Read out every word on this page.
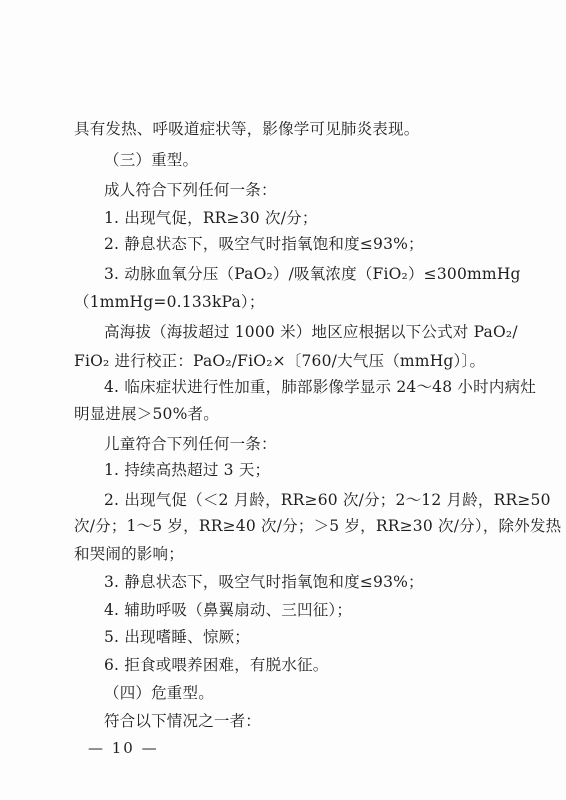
具有发热、呼吸道症状等，影像学可见肺炎表现。
（三）重型。
成人符合下列任何一条：
1. 出现气促，RR≥30 次/分；
2. 静息状态下，吸空气时指氧饱和度≤93%；
3. 动脉血氧分压（PaO₂）/吸氧浓度（FiO₂）≤300mmHg
（1mmHg=0.133kPa）；
高海拔（海拔超过 1000 米）地区应根据以下公式对 PaO₂/
FiO₂ 进行校正：PaO₂/FiO₂×〔760/大气压（mmHg）〕。
4. 临床症状进行性加重，肺部影像学显示 24～48 小时内病灶
明显进展＞50%者。
儿童符合下列任何一条：
1. 持续高热超过 3 天；
2. 出现气促（＜2 月龄，RR≥60 次/分；2～12 月龄，RR≥50
次/分；1～5 岁，RR≥40 次/分；＞5 岁，RR≥30 次/分），除外发热
和哭闹的影响；
3. 静息状态下，吸空气时指氧饱和度≤93%；
4. 辅助呼吸（鼻翼扇动、三凹征）；
5. 出现嗜睡、惊厥；
6. 拒食或喂养困难，有脱水征。
（四）危重型。
符合以下情况之一者：
— 10 —
